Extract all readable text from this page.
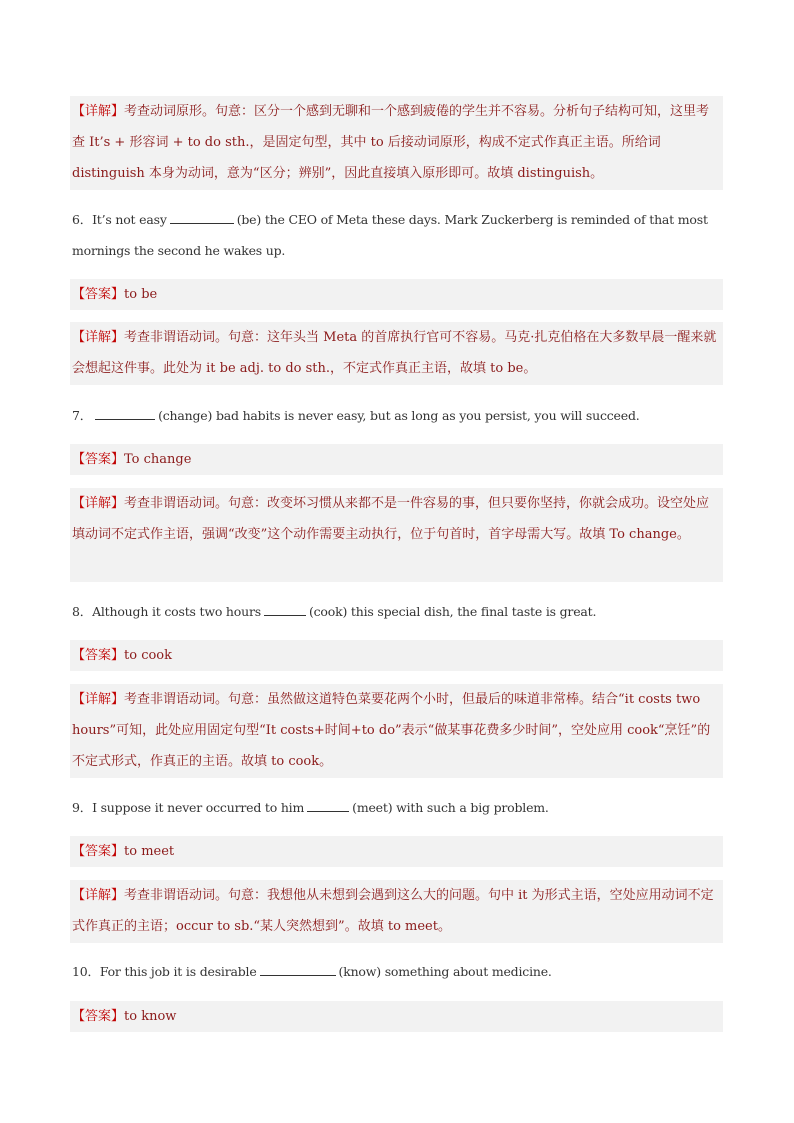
【详解】考查动词原形。句意：区分一个感到无聊和一个感到疲倦的学生并不容易。分析句子结构可知，这里考查 It’s + 形容词 + to do sth.，是固定句型，其中 to 后接动词原形，构成不定式作真正主语。所给词 distinguish 本身为动词，意为“区分；辨别”，因此直接填入原形即可。故填 distinguish。
6．It’s not easy	(be) the CEO of Meta these days. Mark Zuckerberg is reminded of that most mornings the second he wakes up.
【答案】to be
【详解】考查非谓语动词。句意：这年头当 Meta 的首席执行官可不容易。马克·扎克伯格在大多数早晨一醒来就会想起这件事。此处为 it be adj. to do sth.，不定式作真正主语，故填 to be。
7．	(change) bad habits is never easy, but as long as you persist, you will succeed.
【答案】To change
【详解】考查非谓语动词。句意：改变坏习惯从来都不是一件容易的事，但只要你坚持，你就会成功。设空处应填动词不定式作主语，强调“改变”这个动作需要主动执行，位于句首时，首字母需大写。故填 To change。
8．Although it costs two hours	(cook) this special dish, the final taste is great.
【答案】to cook
【详解】考查非谓语动词。句意：虽然做这道特色菜要花两个小时，但最后的味道非常棒。结合“it costs two hours”可知，此处应用固定句型“It costs+时间+to do”表示“做某事花费多少时间”，空处应用 cook“烹饪”的不定式形式，作真正的主语。故填 to cook。
9．I suppose it never occurred to him	(meet) with such a big problem.
【答案】to meet
【详解】考查非谓语动词。句意：我想他从未想到会遇到这么大的问题。句中 it 为形式主语，空处应用动词不定式作真正的主语；occur to sb.“某人突然想到”。故填 to meet。
10．For this job it is desirable	(know) something about medicine.
【答案】to know
